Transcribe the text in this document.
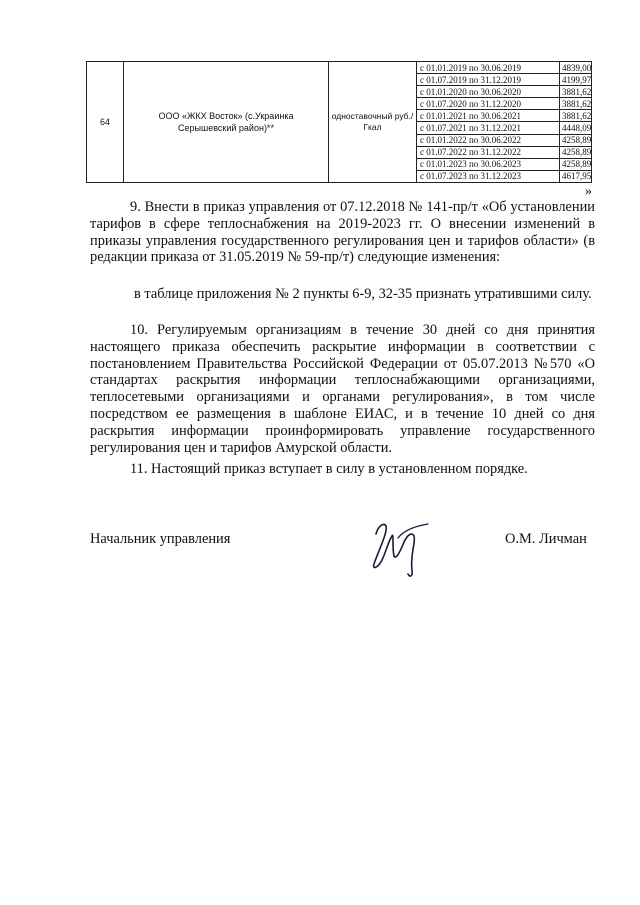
64	ООО «ЖКХ Восток» (с.Украинка Серышевский район)**	одноставочный руб./Гкал	
с 01.01.2019 по 30.06.2019	4839,00
с 01.07.2019 по 31.12.2019	4199,97
с 01.01.2020 по 30.06.2020	3881,62
с 01.07.2020 по 31.12.2020	3881,62
с 01.01.2021 по 30.06.2021	3881,62
с 01.07.2021 по 31.12.2021	4448,09
с 01.01.2022 по 30.06.2022	4258,89
с 01.07.2022 по 31.12.2022	4258,89
с 01.01.2023 по 30.06.2023	4258,89
с 01.07.2023 по 31.12.2023	4617,95
»

9. Внести в приказ управления от 07.12.2018 № 141-пр/т «Об установлении тарифов в сфере теплоснабжения на 2019-2023 гг. О внесении изменений в приказы управления государственного регулирования цен и тарифов области» (в редакции приказа от 31.05.2019 № 59-пр/т) следующие изменения:

в таблице приложения № 2 пункты 6-9, 32-35 признать утратившими силу.

10. Регулируемым организациям в течение 30 дней со дня принятия настоящего приказа обеспечить раскрытие информации в соответствии с постановлением Правительства Российской Федерации от 05.07.2013 №570 «О стандартах раскрытия информации теплоснабжающими организациями, теплосетевыми организациями и органами регулирования», в том числе посредством ее размещения в шаблоне ЕИАС, и в течение 10 дней со дня раскрытия информации проинформировать управление государственного регулирования цен и тарифов Амурской области.

11. Настоящий приказ вступает в силу в установленном порядке.

Начальник управления	О.М. Личман
